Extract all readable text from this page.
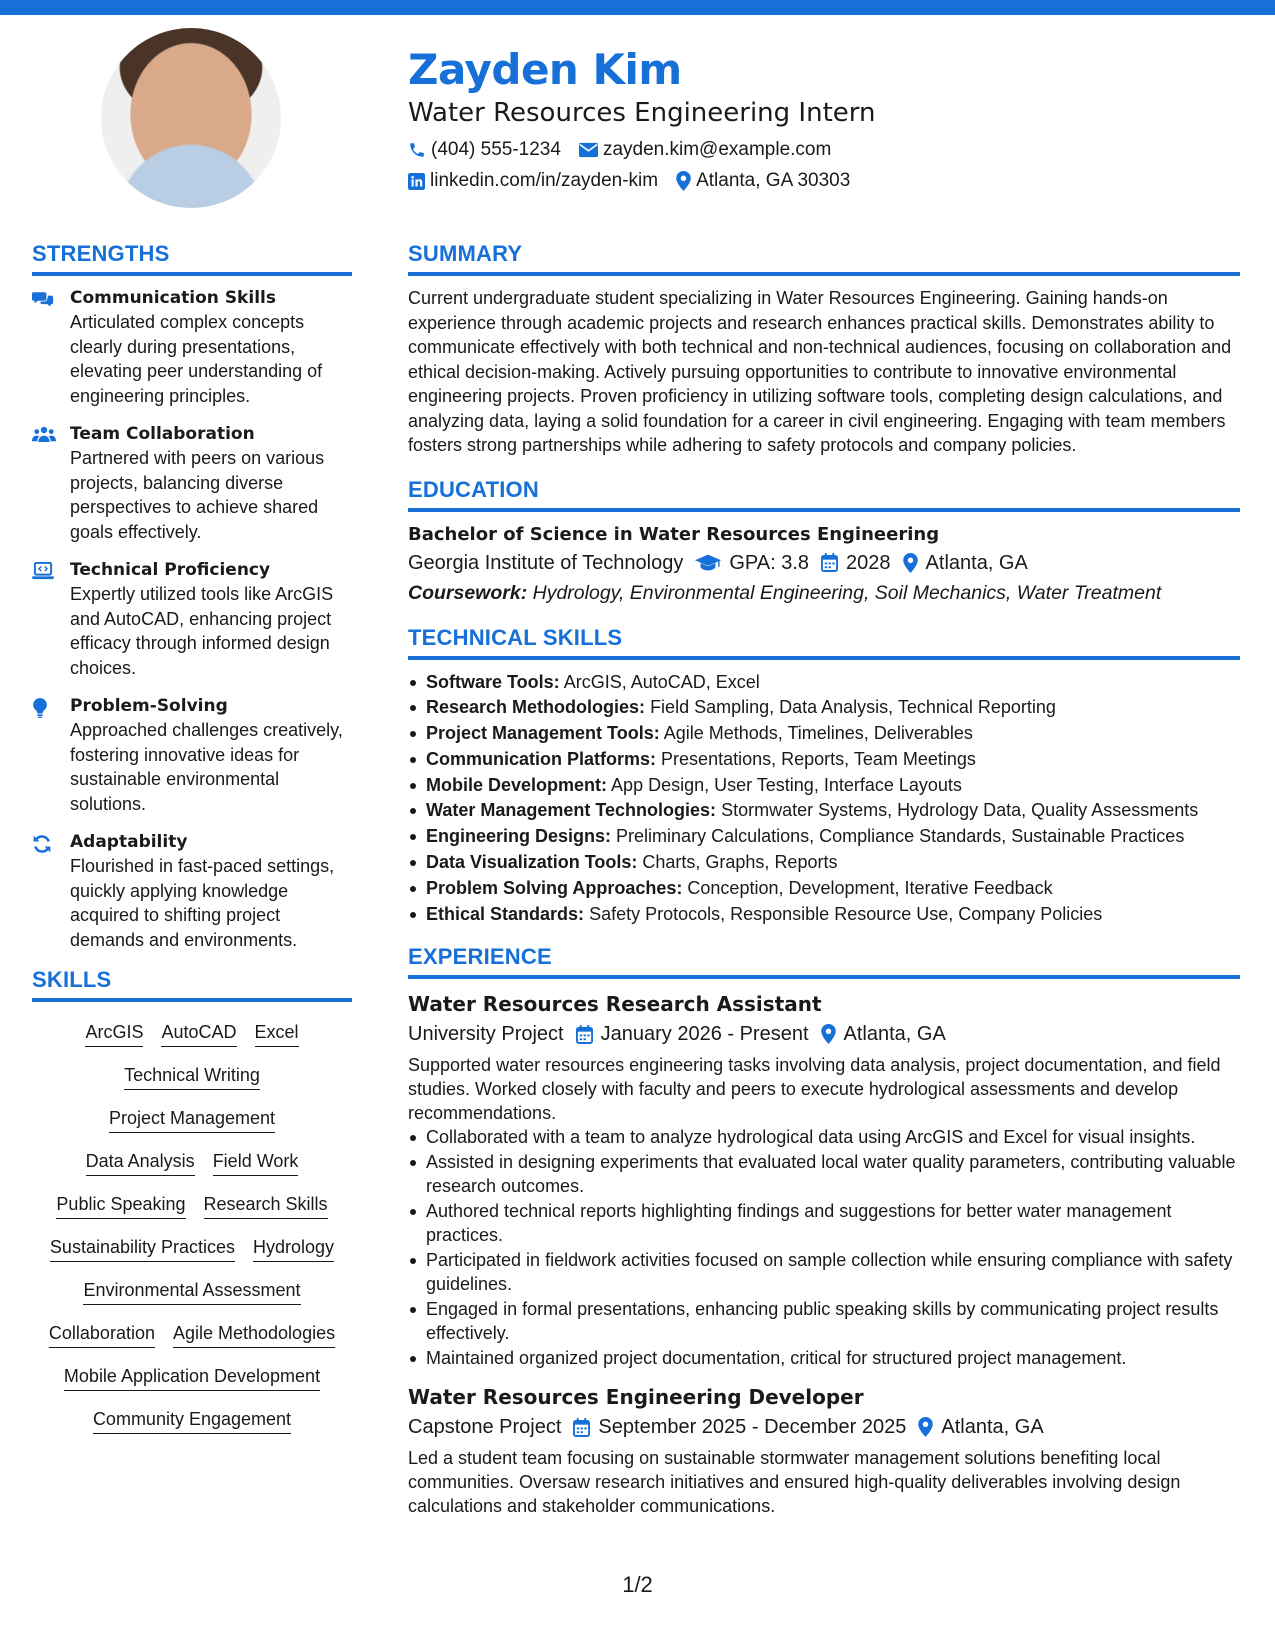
Zayden Kim
Water Resources Engineering Intern
(404) 555-1234 zayden.kim@example.com
linkedin.com/in/zayden-kim Atlanta, GA 30303
STRENGTHS
Communication Skills
Articulated complex concepts clearly during presentations, elevating peer understanding of engineering principles.
Team Collaboration
Partnered with peers on various projects, balancing diverse perspectives to achieve shared goals effectively.
Technical Proficiency
Expertly utilized tools like ArcGIS and AutoCAD, enhancing project efficacy through informed design choices.
Problem-Solving
Approached challenges creatively, fostering innovative ideas for sustainable environmental solutions.
Adaptability
Flourished in fast-paced settings, quickly applying knowledge acquired to shifting project demands and environments.
SKILLS
ArcGIS AutoCAD Excel
Technical Writing
Project Management
Data Analysis Field Work
Public Speaking Research Skills
Sustainability Practices Hydrology
Environmental Assessment
Collaboration Agile Methodologies
Mobile Application Development
Community Engagement
SUMMARY
Current undergraduate student specializing in Water Resources Engineering. Gaining hands-on experience through academic projects and research enhances practical skills. Demonstrates ability to communicate effectively with both technical and non-technical audiences, focusing on collaboration and ethical decision-making. Actively pursuing opportunities to contribute to innovative environmental engineering projects. Proven proficiency in utilizing software tools, completing design calculations, and analyzing data, laying a solid foundation for a career in civil engineering. Engaging with team members fosters strong partnerships while adhering to safety protocols and company policies.
EDUCATION
Bachelor of Science in Water Resources Engineering
Georgia Institute of Technology GPA: 3.8 2028 Atlanta, GA
Coursework: Hydrology, Environmental Engineering, Soil Mechanics, Water Treatment
TECHNICAL SKILLS
Software Tools: ArcGIS, AutoCAD, Excel
Research Methodologies: Field Sampling, Data Analysis, Technical Reporting
Project Management Tools: Agile Methods, Timelines, Deliverables
Communication Platforms: Presentations, Reports, Team Meetings
Mobile Development: App Design, User Testing, Interface Layouts
Water Management Technologies: Stormwater Systems, Hydrology Data, Quality Assessments
Engineering Designs: Preliminary Calculations, Compliance Standards, Sustainable Practices
Data Visualization Tools: Charts, Graphs, Reports
Problem Solving Approaches: Conception, Development, Iterative Feedback
Ethical Standards: Safety Protocols, Responsible Resource Use, Company Policies
EXPERIENCE
Water Resources Research Assistant
University Project January 2026 - Present Atlanta, GA
Supported water resources engineering tasks involving data analysis, project documentation, and field studies. Worked closely with faculty and peers to execute hydrological assessments and develop recommendations.
Collaborated with a team to analyze hydrological data using ArcGIS and Excel for visual insights.
Assisted in designing experiments that evaluated local water quality parameters, contributing valuable research outcomes.
Authored technical reports highlighting findings and suggestions for better water management practices.
Participated in fieldwork activities focused on sample collection while ensuring compliance with safety guidelines.
Engaged in formal presentations, enhancing public speaking skills by communicating project results effectively.
Maintained organized project documentation, critical for structured project management.
Water Resources Engineering Developer
Capstone Project September 2025 - December 2025 Atlanta, GA
Led a student team focusing on sustainable stormwater management solutions benefiting local communities. Oversaw research initiatives and ensured high-quality deliverables involving design calculations and stakeholder communications.
1/2
